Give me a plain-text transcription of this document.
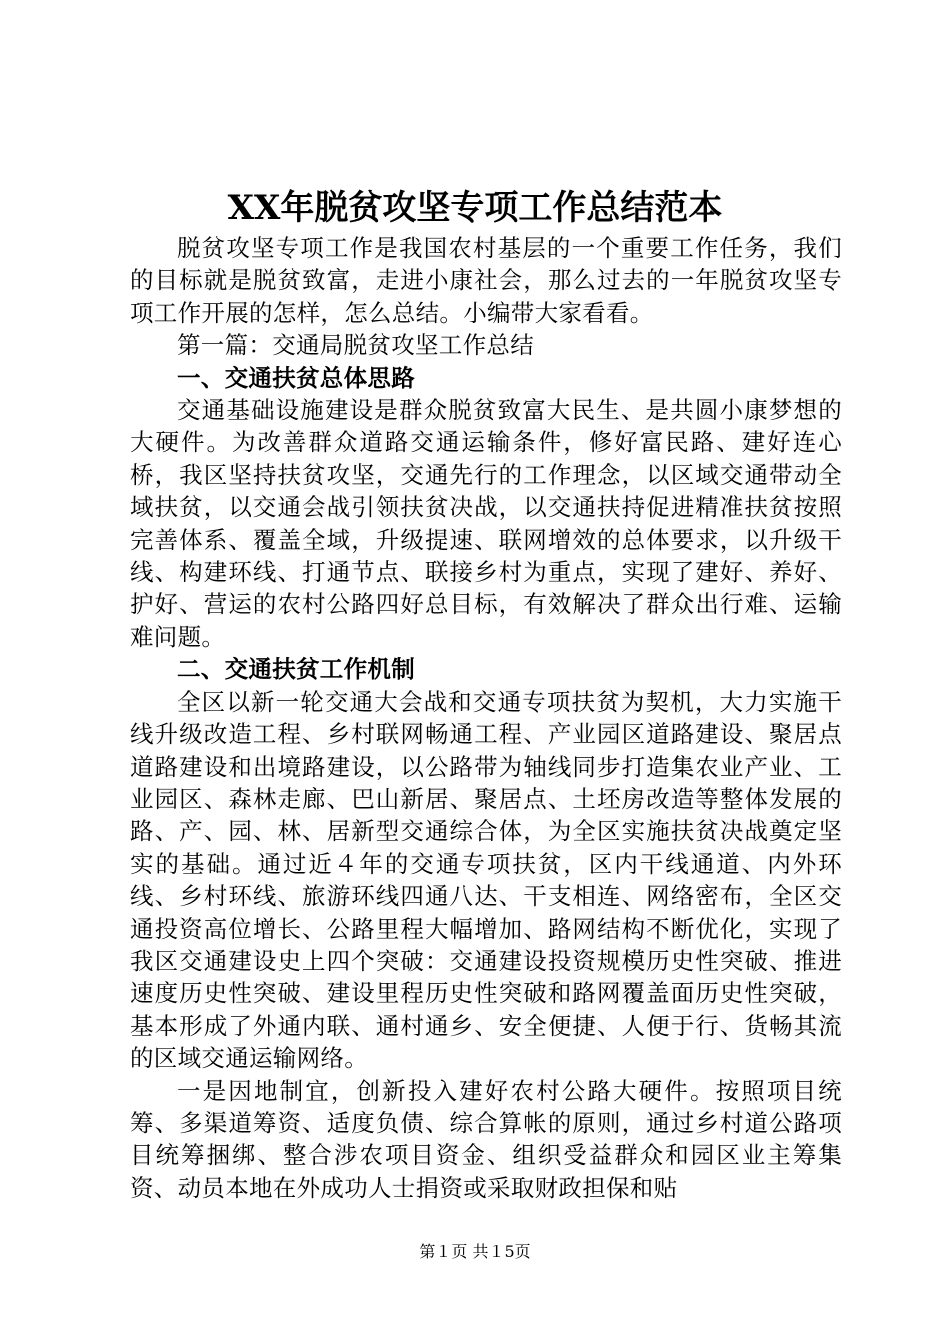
XX年脱贫攻坚专项工作总结范本

脱贫攻坚专项工作是我国农村基层的一个重要工作任务，我们的目标就是脱贫致富，走进小康社会，那么过去的一年脱贫攻坚专项工作开展的怎样，怎么总结。小编带大家看看。

第一篇：交通局脱贫攻坚工作总结

一、交通扶贫总体思路

交通基础设施建设是群众脱贫致富大民生、是共圆小康梦想的大硬件。为改善群众道路交通运输条件，修好富民路、建好连心桥，我区坚持扶贫攻坚，交通先行的工作理念，以区域交通带动全域扶贫，以交通会战引领扶贫决战，以交通扶持促进精准扶贫按照完善体系、覆盖全域，升级提速、联网增效的总体要求，以升级干线、构建环线、打通节点、联接乡村为重点，实现了建好、养好、护好、营运的农村公路四好总目标，有效解决了群众出行难、运输难问题。

二、交通扶贫工作机制

全区以新一轮交通大会战和交通专项扶贫为契机，大力实施干线升级改造工程、乡村联网畅通工程、产业园区道路建设、聚居点道路建设和出境路建设，以公路带为轴线同步打造集农业产业、工业园区、森林走廊、巴山新居、聚居点、土坯房改造等整体发展的路、产、园、林、居新型交通综合体，为全区实施扶贫决战奠定坚实的基础。通过近４年的交通专项扶贫，区内干线通道、内外环线、乡村环线、旅游环线四通八达、干支相连、网络密布，全区交通投资高位增长、公路里程大幅增加、路网结构不断优化，实现了我区交通建设史上四个突破：交通建设投资规模历史性突破、推进速度历史性突破、建设里程历史性突破和路网覆盖面历史性突破，基本形成了外通内联、通村通乡、安全便捷、人便于行、货畅其流的区域交通运输网络。

一是因地制宜，创新投入建好农村公路大硬件。按照项目统筹、多渠道筹资、适度负债、综合算帐的原则，通过乡村道公路项目统筹捆绑、整合涉农项目资金、组织受益群众和园区业主筹集资、动员本地在外成功人士捐资或采取财政担保和贴

第１页 共１5页
